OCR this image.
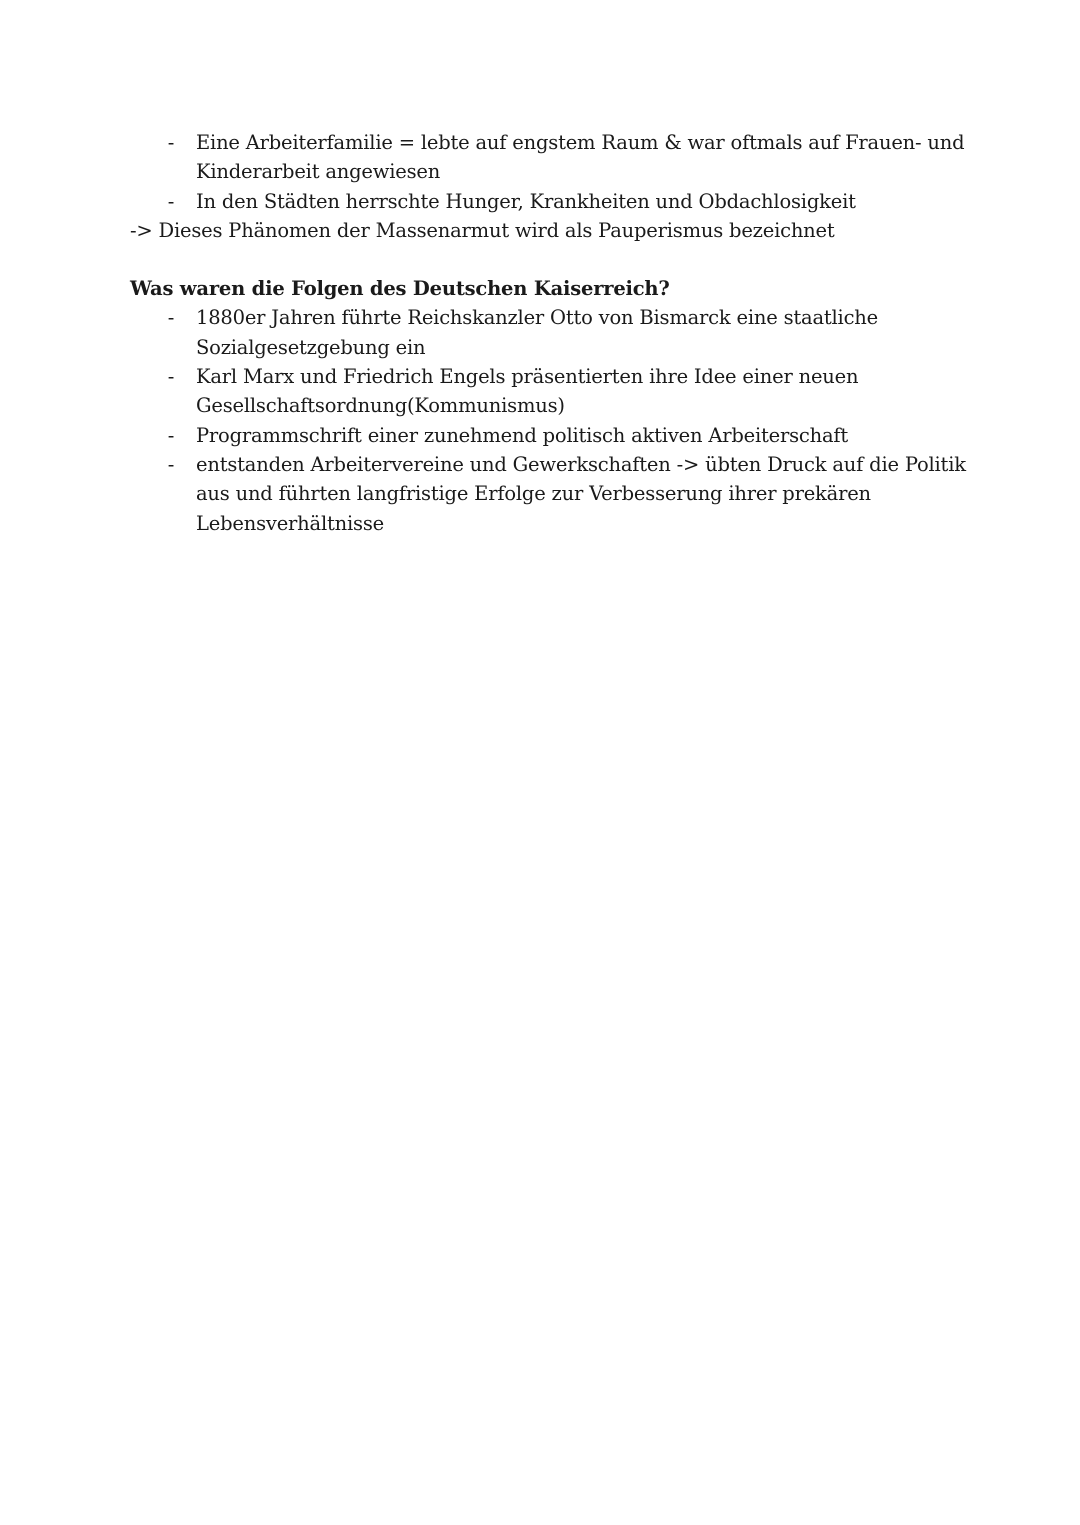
- Eine Arbeiterfamilie = lebte auf engstem Raum & war oftmals auf Frauen- und Kinderarbeit angewiesen
- In den Städten herrschte Hunger, Krankheiten und Obdachlosigkeit

-> Dieses Phänomen der Massenarmut wird als Pauperismus bezeichnet

Was waren die Folgen des Deutschen Kaiserreich?
- 1880er Jahren führte Reichskanzler Otto von Bismarck eine staatliche Sozialgesetzgebung ein
- Karl Marx und Friedrich Engels präsentierten ihre Idee einer neuen Gesellschaftsordnung(Kommunismus)
- Programmschrift einer zunehmend politisch aktiven Arbeiterschaft
- entstanden Arbeitervereine und Gewerkschaften -> übten Druck auf die Politik aus und führten langfristige Erfolge zur Verbesserung ihrer prekären Lebensverhältnisse
